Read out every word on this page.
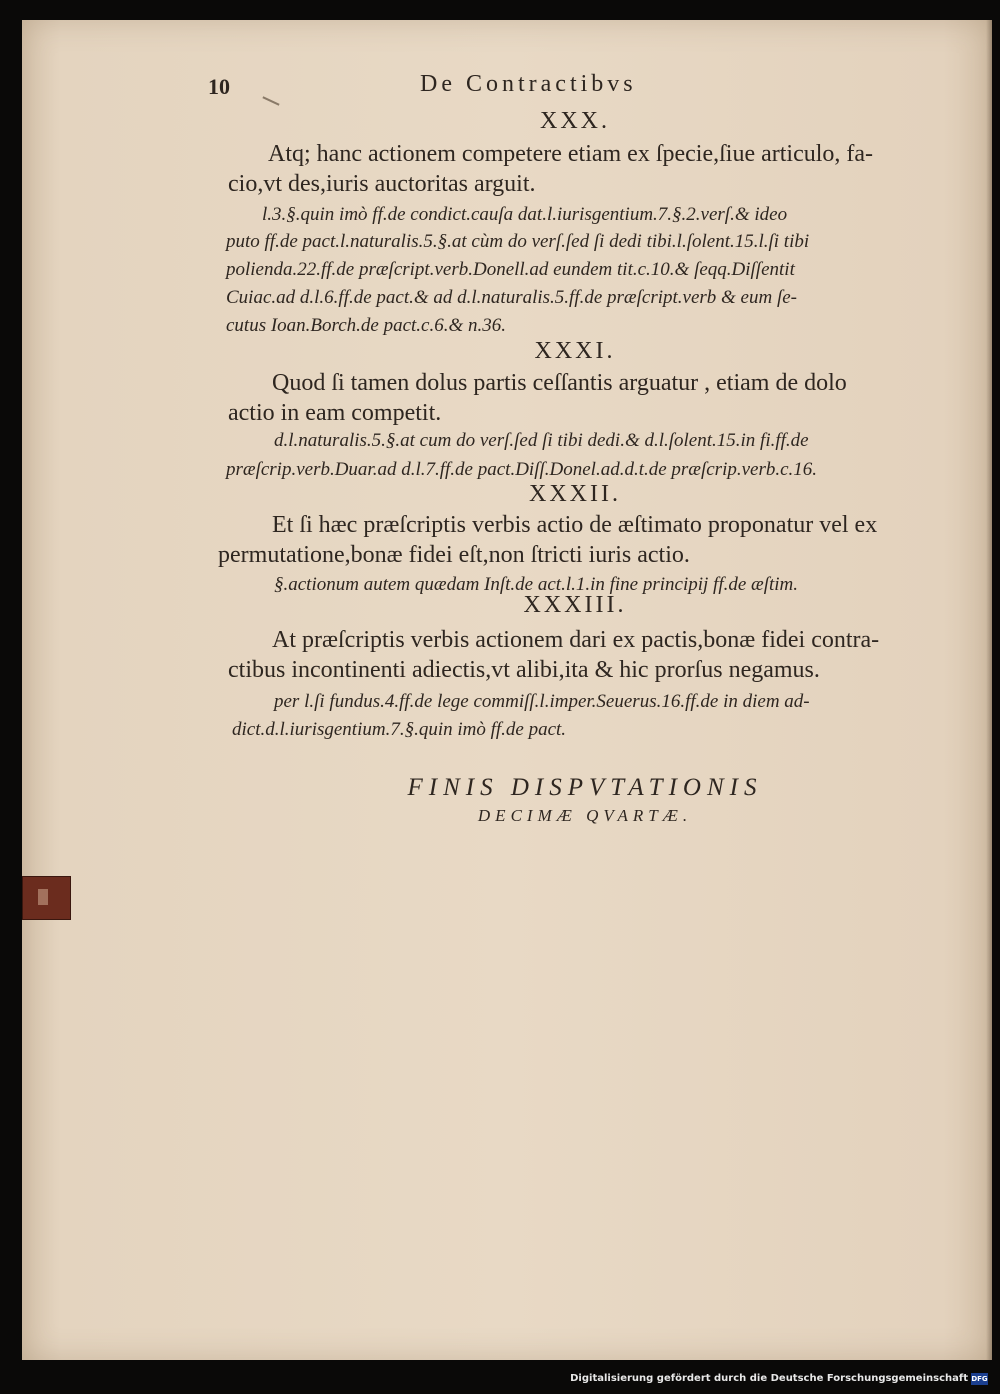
10	De Contractibvs
XXX.
Atq; hanc actionem competere etiam ex ſpecie,ſiue articulo, fa-
cio,vt des,iuris auctoritas arguit.
l.3.§.quin imò ff.de condict.cauſa dat.l.iurisgentium.7.§.2.verſ.& ideo
puto ff.de pact.l.naturalis.5.§.at cùm do verſ.ſed ſi dedi tibi.l.ſolent.15.l.ſi tibi
polienda.22.ff.de præſcript.verb.Donell.ad eundem tit.c.10.& ſeqq.Diſſentit
Cuiac.ad d.l.6.ff.de pact.& ad d.l.naturalis.5.ff.de præſcript.verb & eum ſe-
cutus Ioan.Borch.de pact.c.6.& n.36.
XXXI.
Quod ſi tamen dolus partis ceſſantis arguatur , etiam de dolo
actio in eam competit.
d.l.naturalis.5.§.at cum do verſ.ſed ſi tibi dedi.& d.l.ſolent.15.in fi.ff.de
præſcrip.verb.Duar.ad d.l.7.ff.de pact.Diſſ.Donel.ad.d.t.de præſcrip.verb.c.16.
XXXII.
Et ſi hæc præſcriptis verbis actio de æſtimato proponatur vel ex
permutatione,bonæ fidei eſt,non ſtricti iuris actio.
§.actionum autem quædam Inſt.de act.l.1.in fine principij ff.de æſtim.
XXXIII.
At præſcriptis verbis actionem dari ex pactis,bonæ fidei contra-
ctibus incontinenti adiectis,vt alibi,ita & hic prorſus negamus.
per l.ſi fundus.4.ff.de lege commiſſ.l.imper.Seuerus.16.ff.de in diem ad-
dict.d.l.iurisgentium.7.§.quin imò ff.de pact.
FINIS DISPVTATIONIS
DECIMÆ QVARTÆ.
Digitalisierung gefördert durch die Deutsche Forschungsgemeinschaft DFG
